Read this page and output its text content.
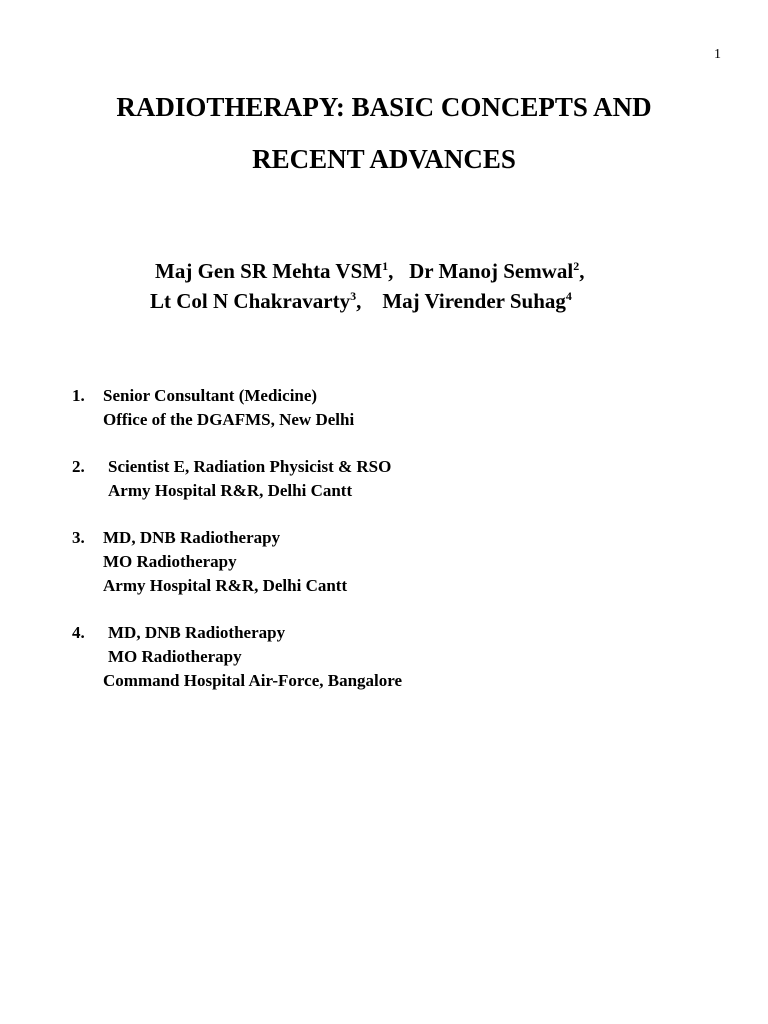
1
RADIOTHERAPY: BASIC CONCEPTS AND
RECENT ADVANCES
Maj Gen SR Mehta VSM$^1$,   Dr Manoj Semwal$^2$,
Lt Col N Chakravarty$^3$,    Maj Virender Suhag$^4$
1. Senior Consultant (Medicine)
Office of the DGAFMS, New Delhi
2. Scientist E, Radiation Physicist & RSO
Army Hospital R&R, Delhi Cantt
3. MD, DNB Radiotherapy
MO Radiotherapy
Army Hospital R&R, Delhi Cantt
4. MD, DNB Radiotherapy
MO Radiotherapy
Command Hospital Air-Force, Bangalore
